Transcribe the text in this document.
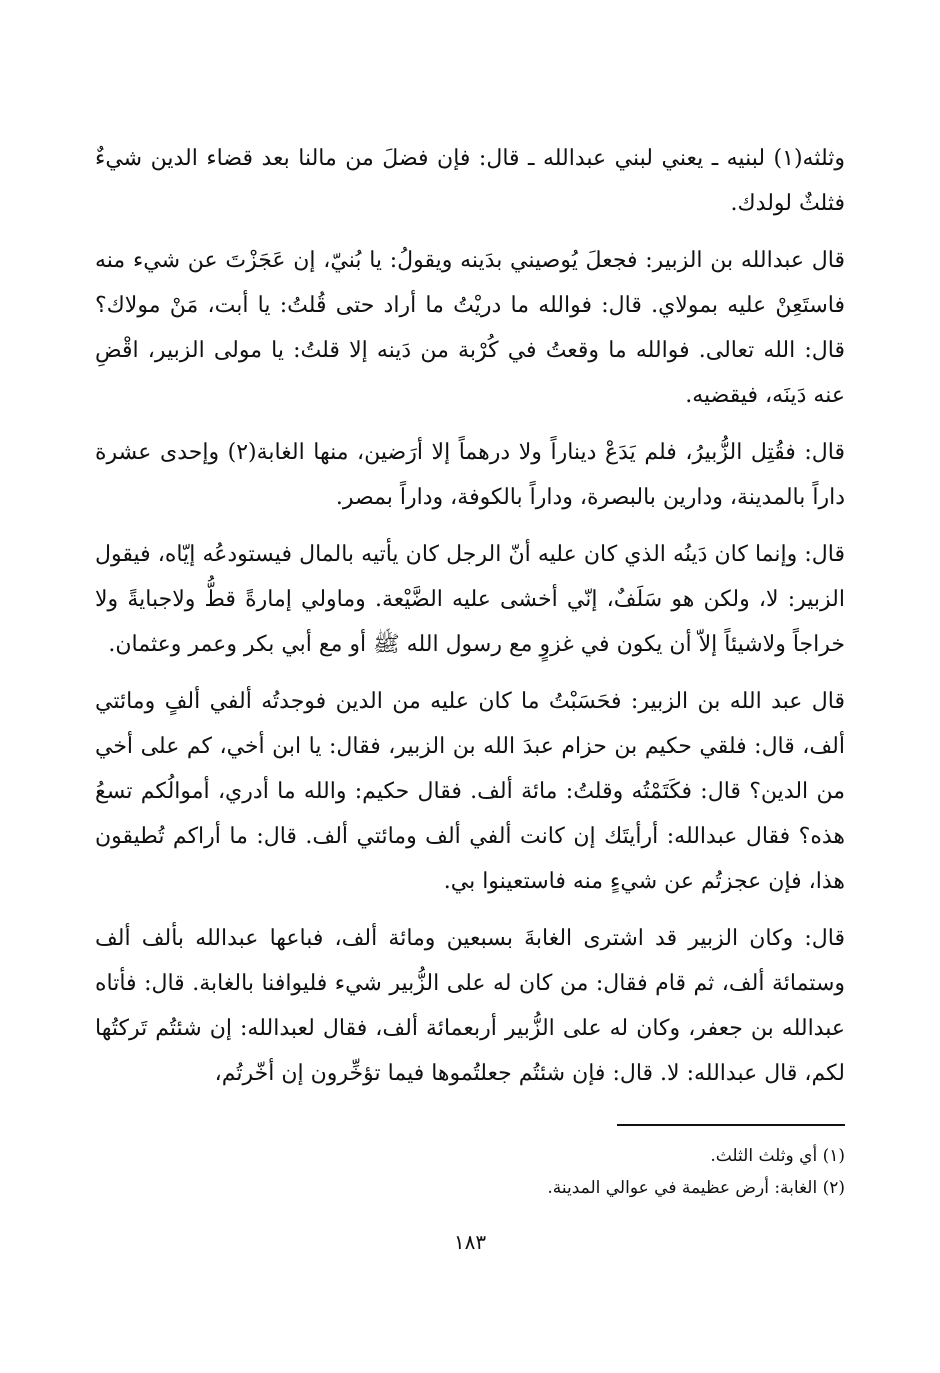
وثلثه(١) لبنيه ـ يعني لبني عبدالله ـ قال: فإن فضلَ من مالنا بعد قضاء الدين شيءٌ فثلثٌ لولدك.

قال عبدالله بن الزبير: فجعلَ يُوصيني بدَينه ويقولُ: يا بُنيّ، إن عَجَزْتَ عن شيء منه فاستَعِنْ عليه بمولاي. قال: فوالله ما دريْتُ ما أراد حتى قُلتُ: يا أبت، مَنْ مولاك؟ قال: الله تعالى. فوالله ما وقعتُ في كُرْبة من دَينه إلا قلتُ: يا مولى الزبير، اقْضِ عنه دَينَه، فيقضيه.

قال: فقُتِل الزُّبيرُ، فلم يَدَعْ ديناراً ولا درهماً إلا أرَضين، منها الغابة(٢) وإحدى عشرة داراً بالمدينة، ودارين بالبصرة، وداراً بالكوفة، وداراً بمصر.

قال: وإنما كان دَينُه الذي كان عليه أنّ الرجل كان يأتيه بالمال فيستودعُه إيّاه، فيقول الزبير: لا، ولكن هو سَلَفٌ، إنّي أخشى عليه الضَّيْعة. وماولي إمارةً قطُّ ولاجبايةً ولا خراجاً ولاشيئاً إلاّ أن يكون في غزوٍ مع رسول الله ﷺ أو مع أبي بكر وعمر وعثمان.

قال عبد الله بن الزبير: فحَسَبْتُ ما كان عليه من الدين فوجدتُه ألفي ألفٍ ومائتي ألف، قال: فلقي حكيم بن حزام عبدَ الله بن الزبير، فقال: يا ابن أخي، كم على أخي من الدين؟ قال: فكَتَمْتُه وقلتُ: مائة ألف. فقال حكيم: والله ما أدري، أموالُكم تسعُ هذه؟ فقال عبدالله: أرأيتَك إن كانت ألفي ألف ومائتي ألف. قال: ما أراكم تُطيقون هذا، فإن عجزتُم عن شيءٍ منه فاستعينوا بي.

قال: وكان الزبير قد اشترى الغابةَ بسبعين ومائة ألف، فباعها عبدالله بألف ألف وستمائة ألف، ثم قام فقال: من كان له على الزُّبير شيء فليوافنا بالغابة. قال: فأتاه عبدالله بن جعفر، وكان له على الزُّبير أربعمائة ألف، فقال لعبدالله: إن شئتُم تَركتُها لكم، قال عبدالله: لا. قال: فإن شئتُم جعلتُموها فيما تؤخِّرون إن أخّرتُم،

(١) أي وثلث الثلث.

(٢) الغابة: أرض عظيمة في عوالي المدينة.

١٨٣
